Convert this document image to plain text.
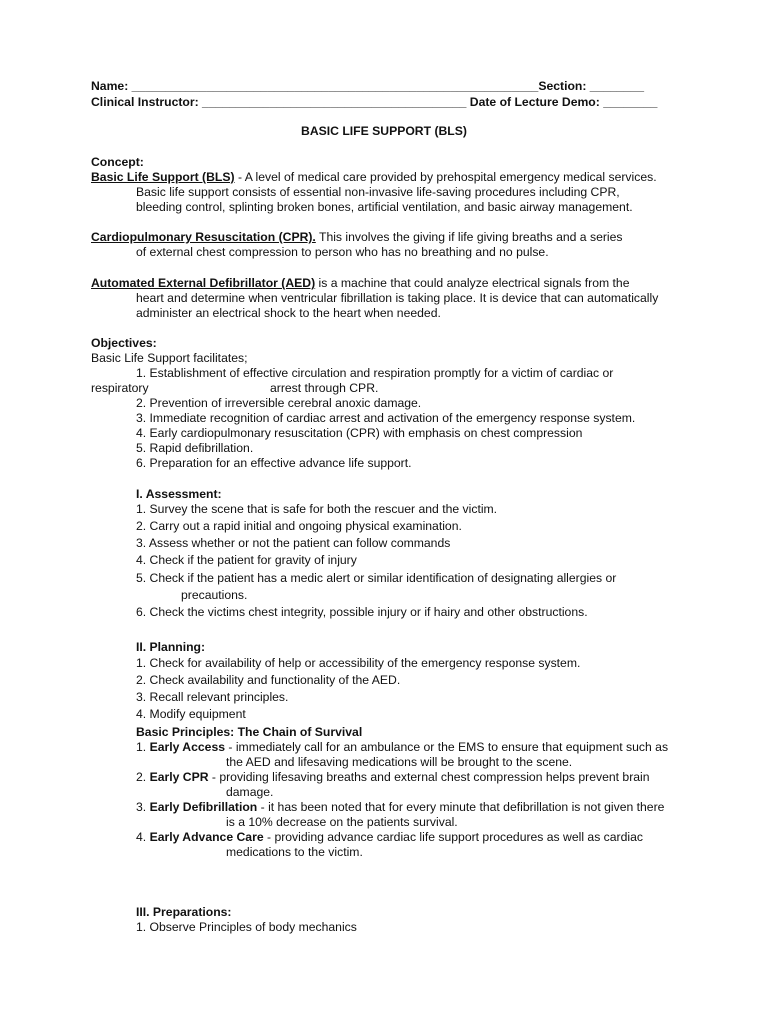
Name: ____________________________________________________________Section: ________
Clinical Instructor: _______________________________________ Date of Lecture Demo: ________
BASIC LIFE SUPPORT (BLS)
Concept:
Basic Life Support (BLS) - A level of medical care provided by prehospital emergency medical services.
Basic life support consists of essential non-invasive life-saving procedures including CPR,
bleeding control, splinting broken bones, artificial ventilation, and basic airway management.
Cardiopulmonary Resuscitation (CPR). This involves the giving if life giving breaths and a series
of external chest compression to person who has no breathing and no pulse.
Automated External Defibrillator (AED) is a machine that could analyze electrical signals from the
heart and determine when ventricular fibrillation is taking place. It is device that can automatically
administer an electrical shock to the heart when needed.
Objectives:
Basic Life Support facilitates;
1. Establishment of effective circulation and respiration promptly for a victim of cardiac or
respiratory	arrest through CPR.
2. Prevention of irreversible cerebral anoxic damage.
3. Immediate recognition of cardiac arrest and activation of the emergency response system.
4. Early cardiopulmonary resuscitation (CPR) with emphasis on chest compression
5. Rapid defibrillation.
6. Preparation for an effective advance life support.
I. Assessment:
1. Survey the scene that is safe for both the rescuer and the victim.
2. Carry out a rapid initial and ongoing physical examination.
3. Assess whether or not the patient can follow commands
4. Check if the patient for gravity of injury
5. Check if the patient has a medic alert or similar identification of designating allergies or
precautions.
6. Check the victims chest integrity, possible injury or if hairy and other obstructions.
II. Planning:
1. Check for availability of help or accessibility of the emergency response system.
2. Check availability and functionality of the AED.
3. Recall relevant principles.
4. Modify equipment
Basic Principles: The Chain of Survival
1. Early Access - immediately call for an ambulance or the EMS to ensure that equipment such as
the AED and lifesaving medications will be brought to the scene.
2. Early CPR - providing lifesaving breaths and external chest compression helps prevent brain
damage.
3. Early Defibrillation - it has been noted that for every minute that defibrillation is not given there
is a 10% decrease on the patients survival.
4. Early Advance Care - providing advance cardiac life support procedures as well as cardiac
medications to the victim.
III. Preparations:
1. Observe Principles of body mechanics
